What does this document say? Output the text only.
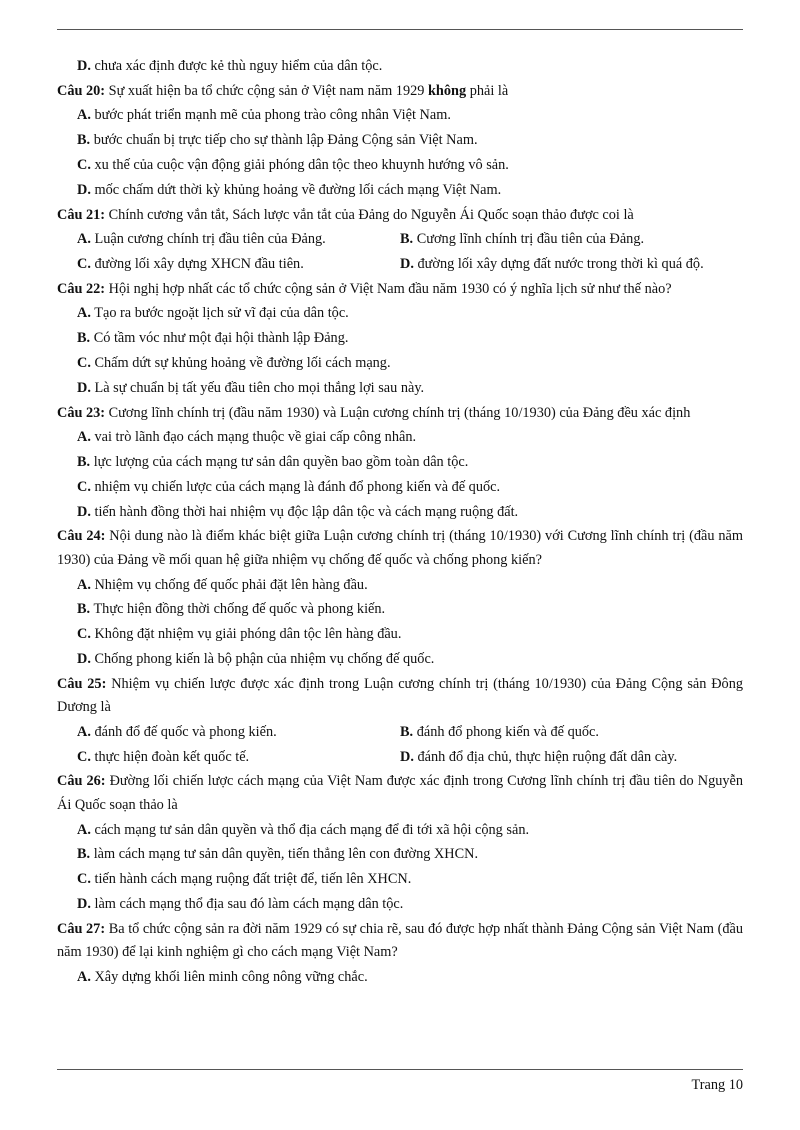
D. chưa xác định được kẻ thù nguy hiểm của dân tộc.
Câu 20: Sự xuất hiện ba tổ chức cộng sản ở Việt nam năm 1929 không phải là
A. bước phát triển mạnh mẽ của phong trào công nhân Việt Nam.
B. bước chuẩn bị trực tiếp cho sự thành lập Đảng Cộng sản Việt Nam.
C. xu thế của cuộc vận động giải phóng dân tộc theo khuynh hướng vô sản.
D. mốc chấm dứt thời kỳ khủng hoảng về đường lối cách mạng Việt Nam.
Câu 21: Chính cương vắn tắt, Sách lược vắn tắt của Đảng do Nguyễn Ái Quốc soạn thảo được coi là
A. Luận cương chính trị đầu tiên của Đảng.	B. Cương lĩnh chính trị đầu tiên của Đảng.
C. đường lối xây dựng XHCN đầu tiên.	D. đường lối xây dựng đất nước trong thời kì quá độ.
Câu 22: Hội nghị hợp nhất các tổ chức cộng sản ở Việt Nam đầu năm 1930 có ý nghĩa lịch sử như thế nào?
A. Tạo ra bước ngoặt lịch sử vĩ đại của dân tộc.
B. Có tầm vóc như một đại hội thành lập Đảng.
C. Chấm dứt sự khủng hoảng về đường lối cách mạng.
D. Là sự chuẩn bị tất yếu đầu tiên cho mọi thắng lợi sau này.
Câu 23: Cương lĩnh chính trị (đầu năm 1930) và Luận cương chính trị (tháng 10/1930) của Đảng đều xác định
A. vai trò lãnh đạo cách mạng thuộc về giai cấp công nhân.
B. lực lượng của cách mạng tư sản dân quyền bao gồm toàn dân tộc.
C. nhiệm vụ chiến lược của cách mạng là đánh đổ phong kiến và đế quốc.
D. tiến hành đồng thời hai nhiệm vụ độc lập dân tộc và cách mạng ruộng đất.
Câu 24: Nội dung nào là điểm khác biệt giữa Luận cương chính trị (tháng 10/1930) với Cương lĩnh chính trị (đầu năm 1930) của Đảng về mối quan hệ giữa nhiệm vụ chống đế quốc và chống phong kiến?
A. Nhiệm vụ chống đế quốc phải đặt lên hàng đầu.
B. Thực hiện đồng thời chống đế quốc và phong kiến.
C. Không đặt nhiệm vụ giải phóng dân tộc lên hàng đầu.
D. Chống phong kiến là bộ phận của nhiệm vụ chống đế quốc.
Câu 25: Nhiệm vụ chiến lược được xác định trong Luận cương chính trị (tháng 10/1930) của Đảng Cộng sản Đông Dương là
A. đánh đổ đế quốc và phong kiến.	B. đánh đổ phong kiến và đế quốc.
C. thực hiện đoàn kết quốc tế.	D. đánh đổ địa chủ, thực hiện ruộng đất dân cày.
Câu 26: Đường lối chiến lược cách mạng của Việt Nam được xác định trong Cương lĩnh chính trị đầu tiên do Nguyễn Ái Quốc soạn thảo là
A. cách mạng tư sản dân quyền và thổ địa cách mạng để đi tới xã hội cộng sản.
B. làm cách mạng tư sản dân quyền, tiến thẳng lên con đường XHCN.
C. tiến hành cách mạng ruộng đất triệt để, tiến lên XHCN.
D. làm cách mạng thổ địa sau đó làm cách mạng dân tộc.
Câu 27: Ba tổ chức cộng sản ra đời năm 1929 có sự chia rẽ, sau đó được hợp nhất thành Đảng Cộng sản Việt Nam (đầu năm 1930) để lại kinh nghiệm gì cho cách mạng Việt Nam?
A. Xây dựng khối liên minh công nông vững chắc.
Trang 10
